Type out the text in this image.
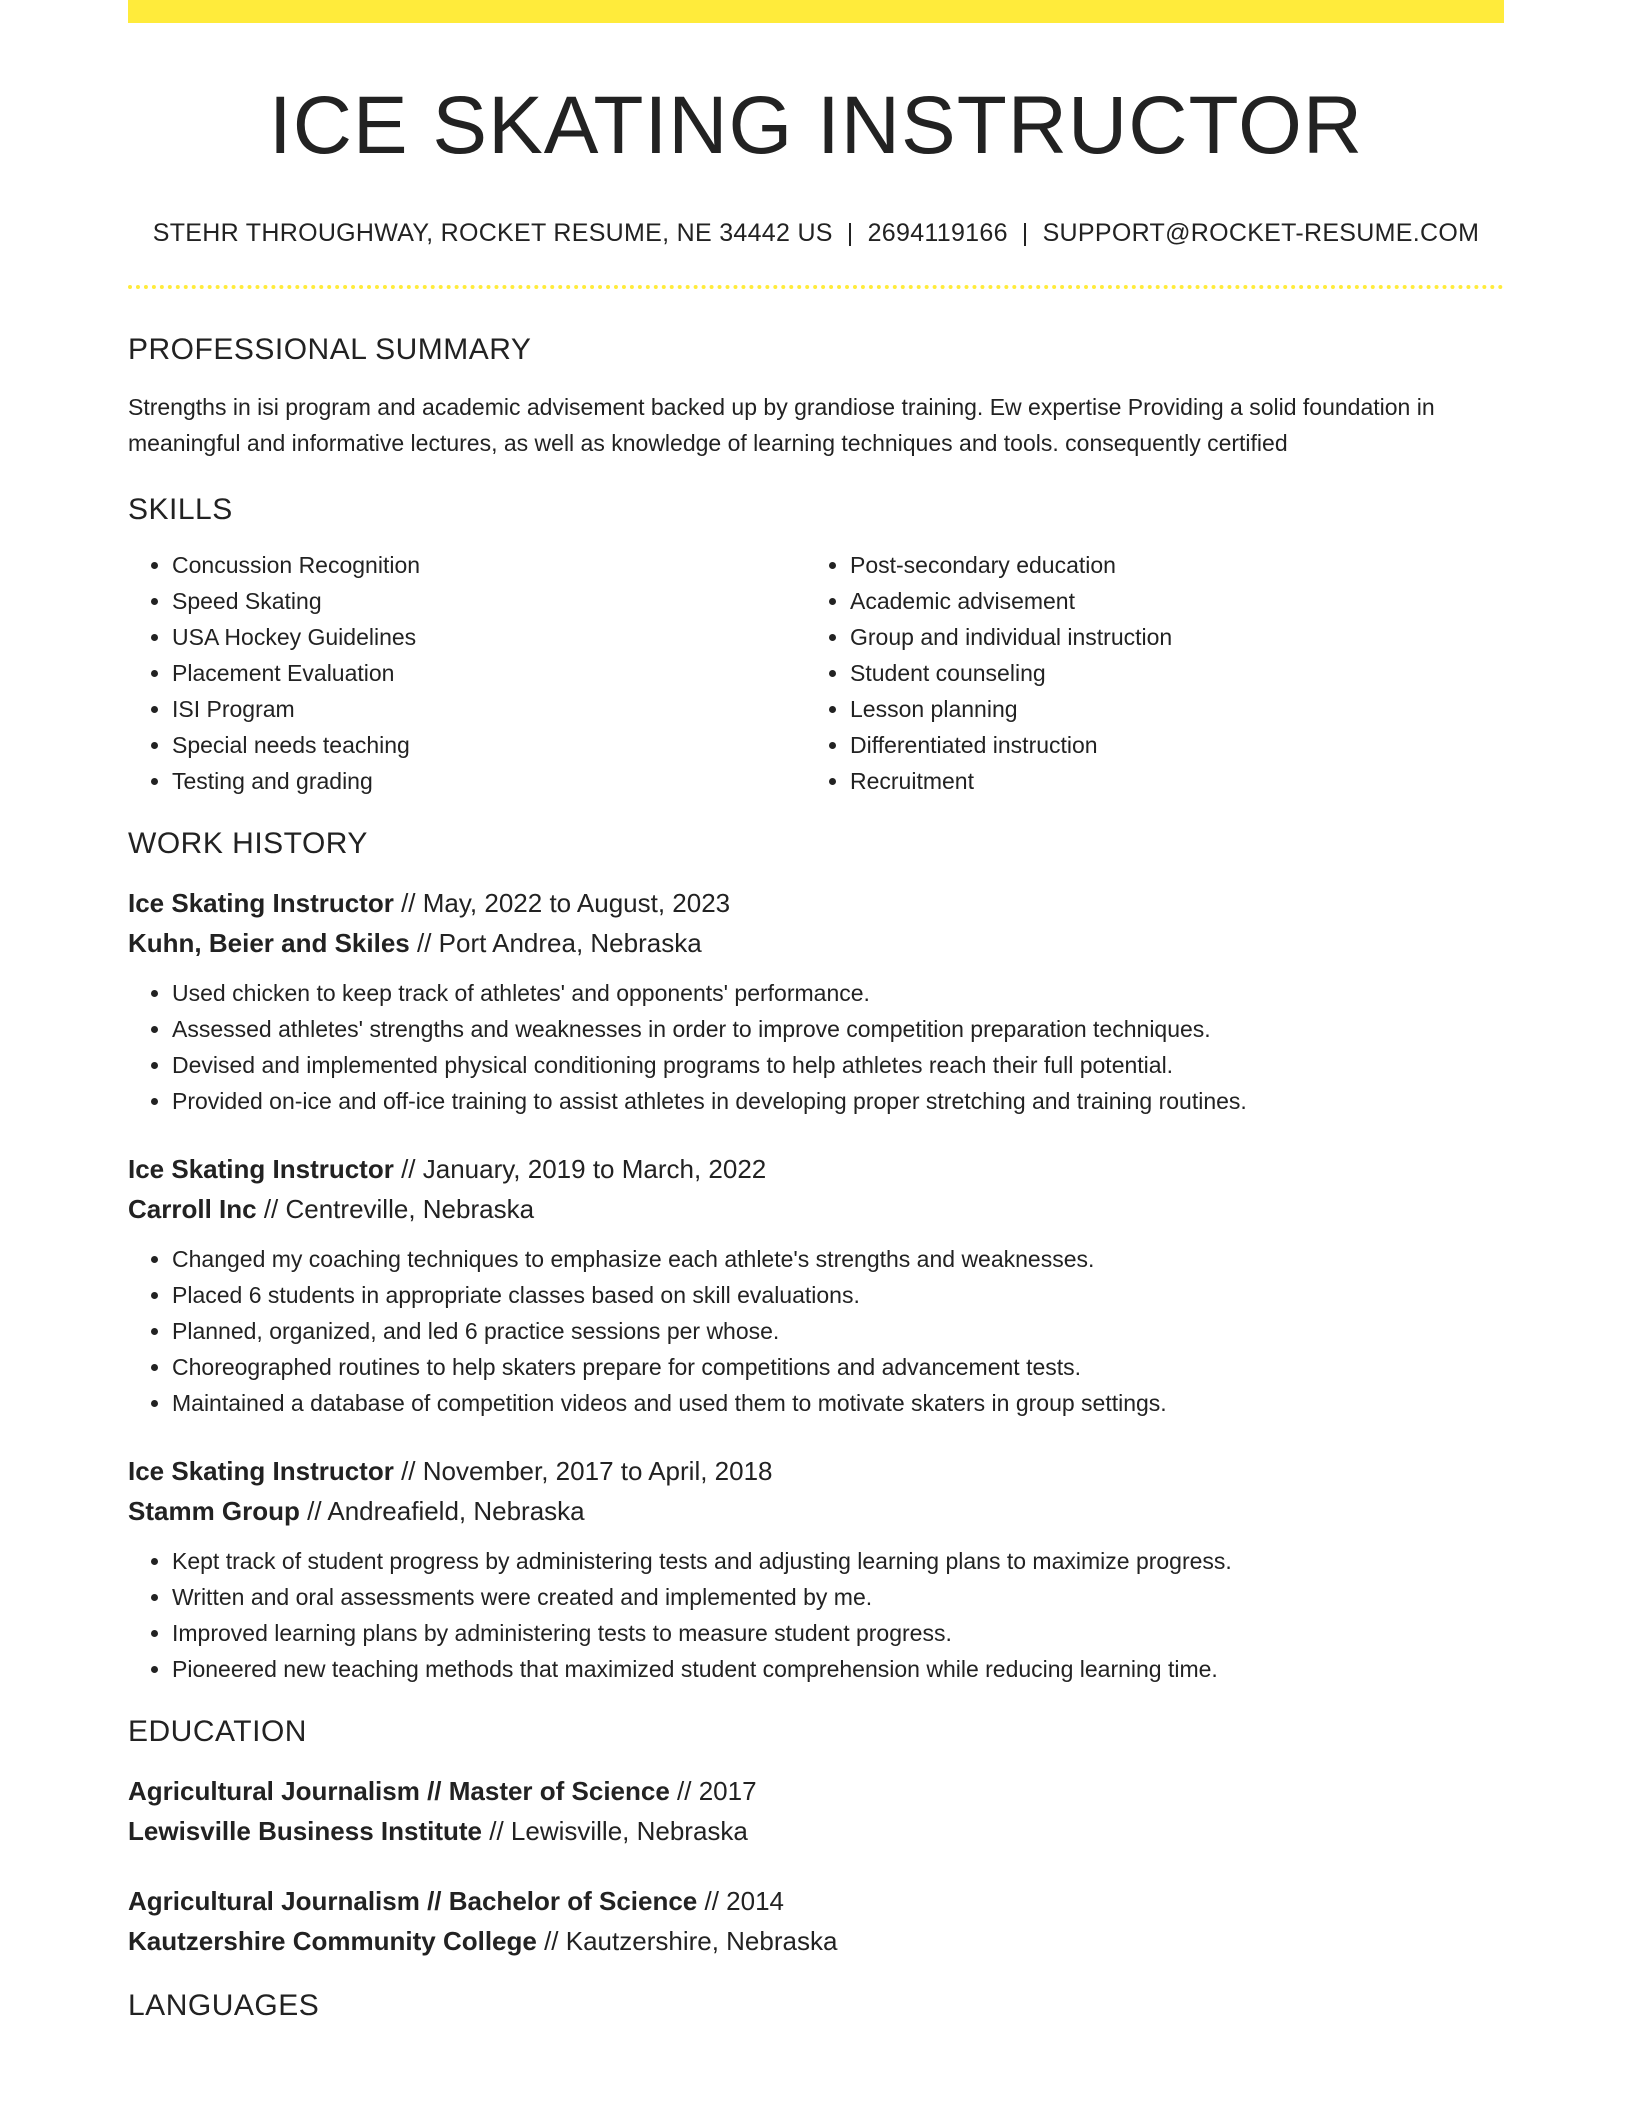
ICE SKATING INSTRUCTOR
STEHR THROUGHWAY, ROCKET RESUME, NE 34442 US | 2694119166 | SUPPORT@ROCKET-RESUME.COM
PROFESSIONAL SUMMARY
Strengths in isi program and academic advisement backed up by grandiose training. Ew expertise Providing a solid foundation in meaningful and informative lectures, as well as knowledge of learning techniques and tools. consequently certified
SKILLS
• Concussion Recognition
• Speed Skating
• USA Hockey Guidelines
• Placement Evaluation
• ISI Program
• Special needs teaching
• Testing and grading
• Post-secondary education
• Academic advisement
• Group and individual instruction
• Student counseling
• Lesson planning
• Differentiated instruction
• Recruitment
WORK HISTORY
Ice Skating Instructor // May, 2022 to August, 2023
Kuhn, Beier and Skiles // Port Andrea, Nebraska
• Used chicken to keep track of athletes' and opponents' performance.
• Assessed athletes' strengths and weaknesses in order to improve competition preparation techniques.
• Devised and implemented physical conditioning programs to help athletes reach their full potential.
• Provided on-ice and off-ice training to assist athletes in developing proper stretching and training routines.
Ice Skating Instructor // January, 2019 to March, 2022
Carroll Inc // Centreville, Nebraska
• Changed my coaching techniques to emphasize each athlete's strengths and weaknesses.
• Placed 6 students in appropriate classes based on skill evaluations.
• Planned, organized, and led 6 practice sessions per whose.
• Choreographed routines to help skaters prepare for competitions and advancement tests.
• Maintained a database of competition videos and used them to motivate skaters in group settings.
Ice Skating Instructor // November, 2017 to April, 2018
Stamm Group // Andreafield, Nebraska
• Kept track of student progress by administering tests and adjusting learning plans to maximize progress.
• Written and oral assessments were created and implemented by me.
• Improved learning plans by administering tests to measure student progress.
• Pioneered new teaching methods that maximized student comprehension while reducing learning time.
EDUCATION
Agricultural Journalism // Master of Science // 2017
Lewisville Business Institute // Lewisville, Nebraska
Agricultural Journalism // Bachelor of Science // 2014
Kautzershire Community College // Kautzershire, Nebraska
LANGUAGES
